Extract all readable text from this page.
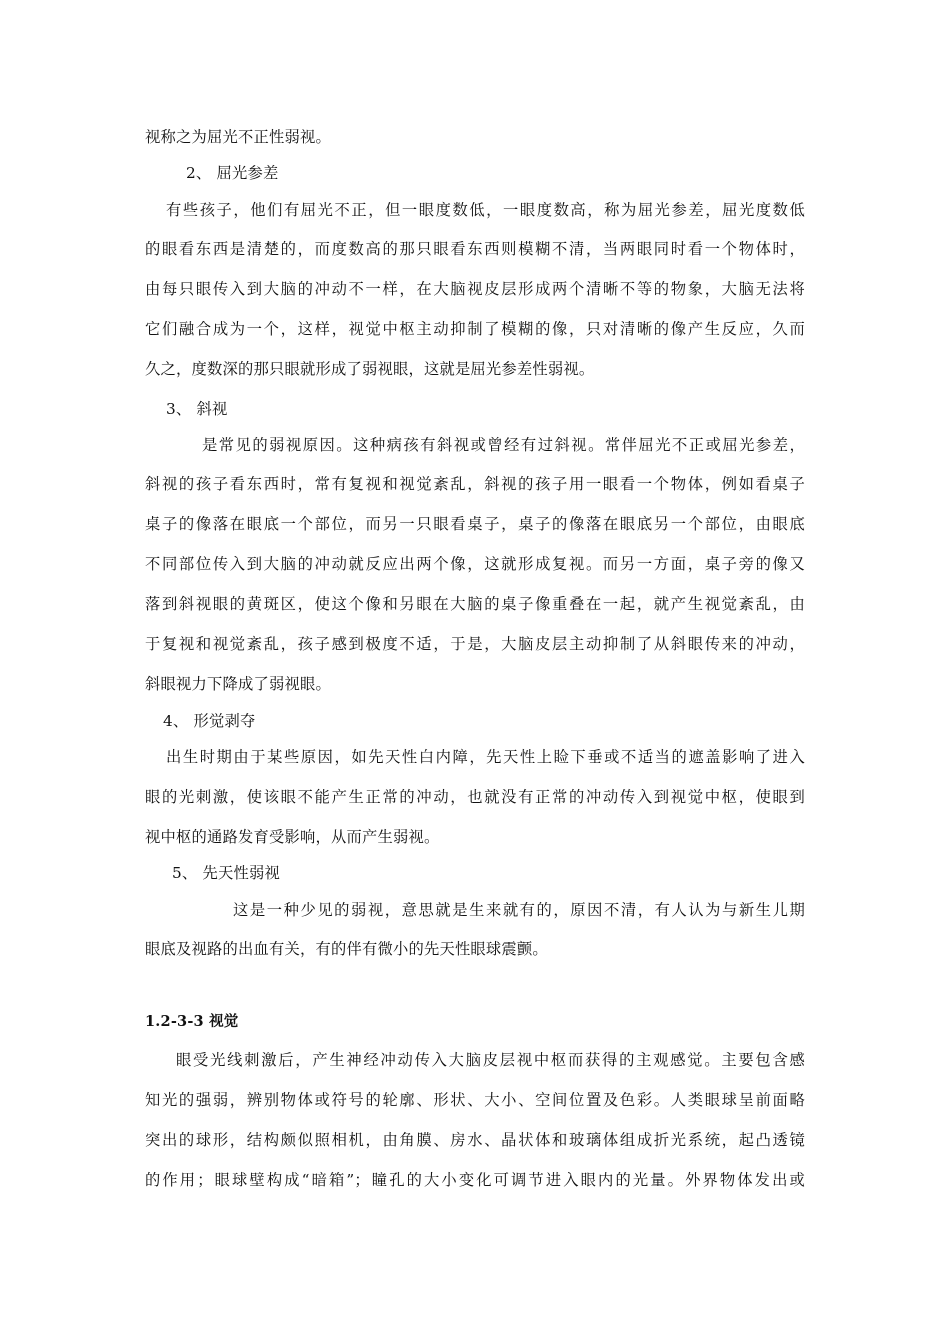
视称之为屈光不正性弱视。
2、 屈光参差
有些孩子，他们有屈光不正，但一眼度数低，一眼度数高，称为屈光参差，屈光度数低
的眼看东西是清楚的，而度数高的那只眼看东西则模糊不清，当两眼同时看一个物体时，
由每只眼传入到大脑的冲动不一样，在大脑视皮层形成两个清晰不等的物象，大脑无法将
它们融合成为一个，这样，视觉中枢主动抑制了模糊的像，只对清晰的像产生反应，久而
久之，度数深的那只眼就形成了弱视眼，这就是屈光参差性弱视。
3、 斜视
是常见的弱视原因。这种病孩有斜视或曾经有过斜视。常伴屈光不正或屈光参差，
斜视的孩子看东西时，常有复视和视觉紊乱，斜视的孩子用一眼看一个物体，例如看桌子
桌子的像落在眼底一个部位，而另一只眼看桌子，桌子的像落在眼底另一个部位，由眼底
不同部位传入到大脑的冲动就反应出两个像，这就形成复视。而另一方面，桌子旁的像又
落到斜视眼的黄斑区，使这个像和另眼在大脑的桌子像重叠在一起，就产生视觉紊乱，由
于复视和视觉紊乱，孩子感到极度不适，于是，大脑皮层主动抑制了从斜眼传来的冲动，
斜眼视力下降成了弱视眼。
4、 形觉剥夺
出生时期由于某些原因，如先天性白内障，先天性上睑下垂或不适当的遮盖影响了进入
眼的光刺激，使该眼不能产生正常的冲动，也就没有正常的冲动传入到视觉中枢，使眼到
视中枢的通路发育受影响，从而产生弱视。
5、 先天性弱视
这是一种少见的弱视，意思就是生来就有的，原因不清，有人认为与新生儿期
眼底及视路的出血有关，有的伴有微小的先天性眼球震颤。
1.2-3-3 视觉
眼受光线刺激后，产生神经冲动传入大脑皮层视中枢而获得的主观感觉。主要包含感
知光的强弱，辨别物体或符号的轮廓、形状、大小、空间位置及色彩。人类眼球呈前面略
突出的球形，结构颇似照相机，由角膜、房水、晶状体和玻璃体组成折光系统，起凸透镜
的作用；眼球壁构成“暗箱”；瞳孔的大小变化可调节进入眼内的光量。外界物体发出或
